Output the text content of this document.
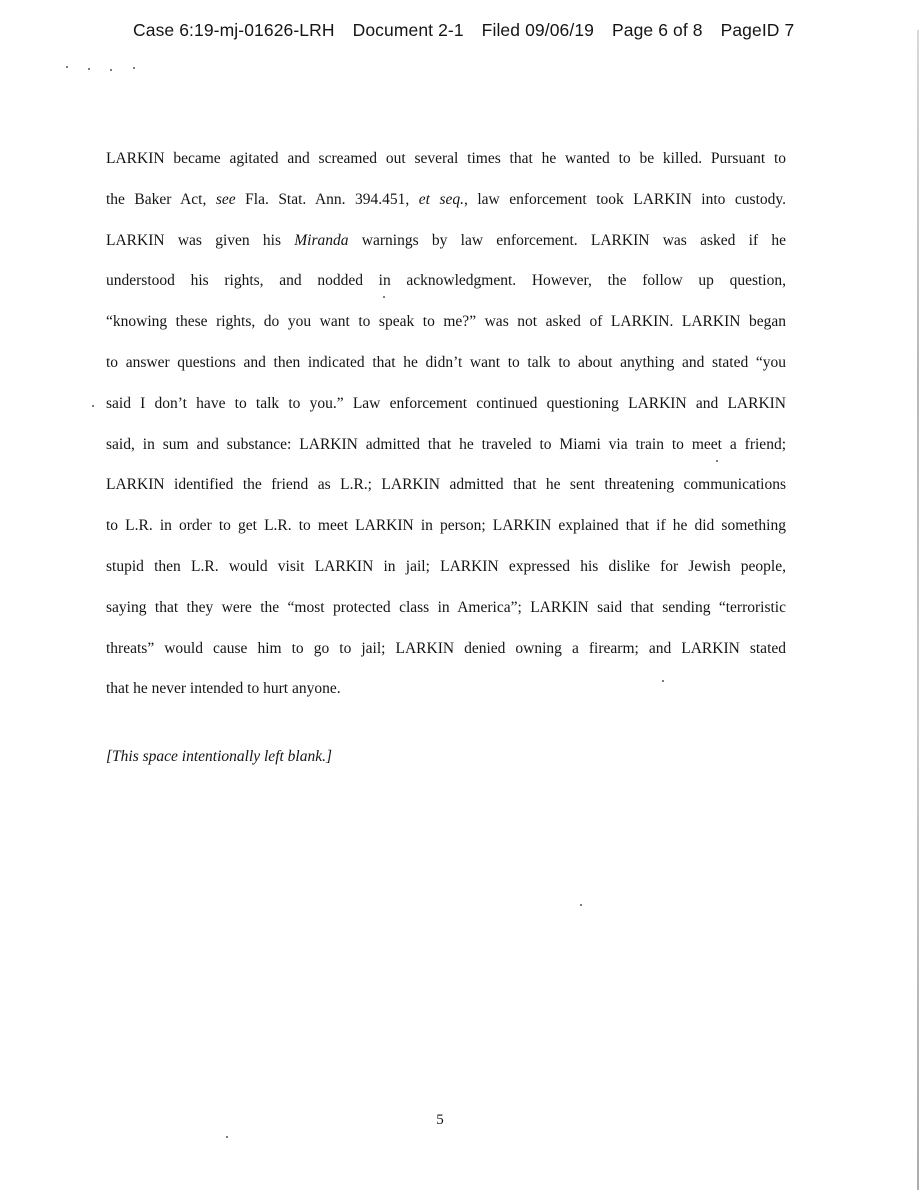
Case 6:19-mj-01626-LRH Document 2-1 Filed 09/06/19 Page 6 of 8 PageID 7
LARKIN became agitated and screamed out several times that he wanted to be killed. Pursuant to
the Baker Act, see Fla. Stat. Ann. 394.451, et seq., law enforcement took LARKIN into custody.
LARKIN was given his Miranda warnings by law enforcement. LARKIN was asked if he
understood his rights, and nodded in acknowledgment. However, the follow up question,
“knowing these rights, do you want to speak to me?” was not asked of LARKIN. LARKIN began
to answer questions and then indicated that he didn’t want to talk to about anything and stated “you
said I don’t have to talk to you.” Law enforcement continued questioning LARKIN and LARKIN
said, in sum and substance: LARKIN admitted that he traveled to Miami via train to meet a friend;
LARKIN identified the friend as L.R.; LARKIN admitted that he sent threatening communications
to L.R. in order to get L.R. to meet LARKIN in person; LARKIN explained that if he did something
stupid then L.R. would visit LARKIN in jail; LARKIN expressed his dislike for Jewish people,
saying that they were the “most protected class in America”; LARKIN said that sending “terroristic
threats” would cause him to go to jail; LARKIN denied owning a firearm; and LARKIN stated
that he never intended to hurt anyone.
[This space intentionally left blank.]
5
